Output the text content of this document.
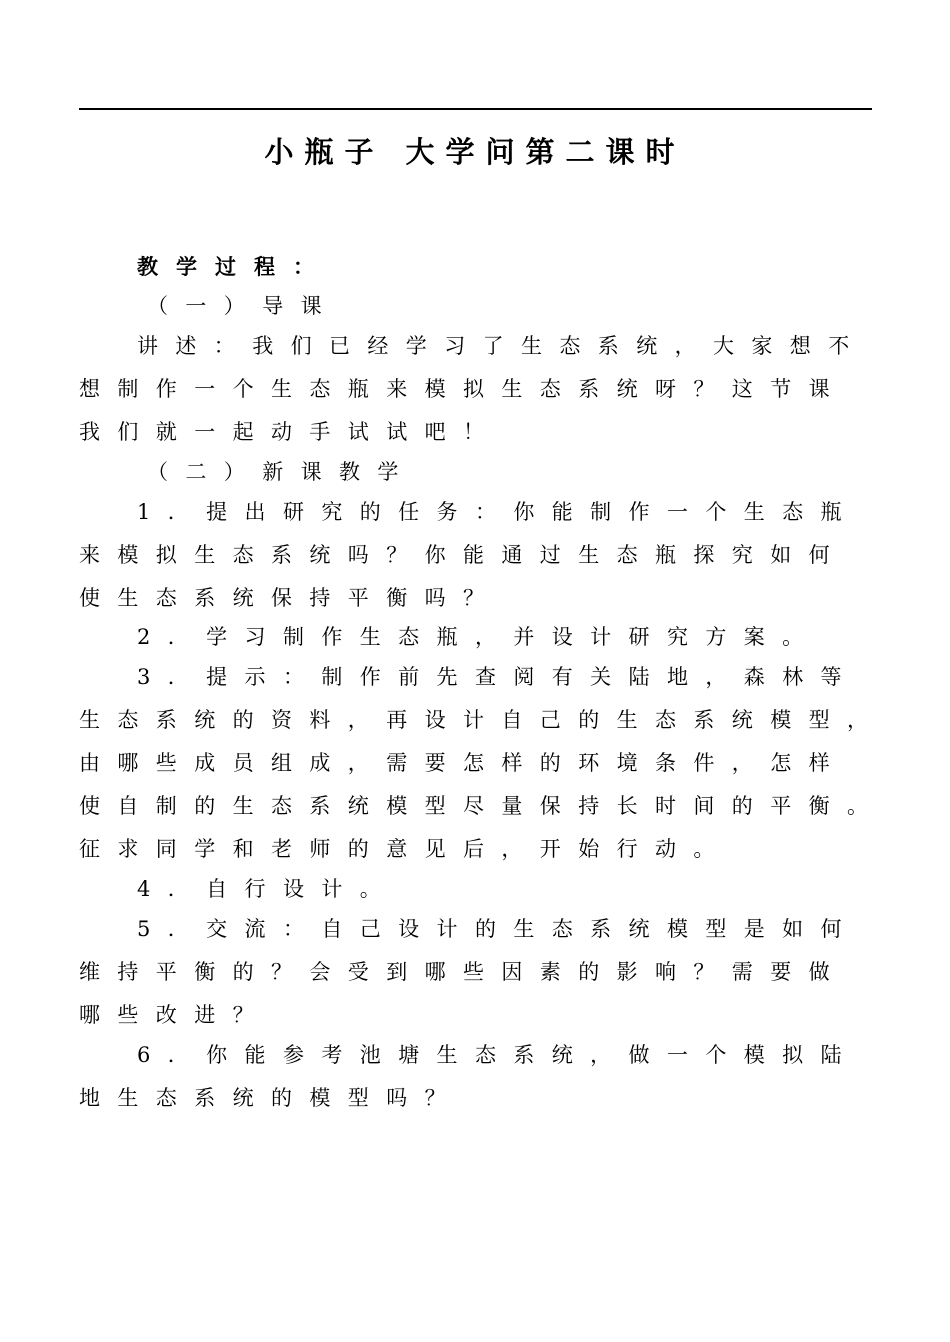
小瓶子 大学问第二课时
教学过程：
（一）导课
讲述：我们已经学习了生态系统，大家想不
想制作一个生态瓶来模拟生态系统呀？这节课
我们就一起动手试试吧！
（二）新课教学
1．提出研究的任务：你能制作一个生态瓶
来模拟生态系统吗？你能通过生态瓶探究如何
使生态系统保持平衡吗？
2．学习制作生态瓶，并设计研究方案。
3．提示：制作前先查阅有关陆地，森林等
生态系统的资料，再设计自己的生态系统模型，
由哪些成员组成，需要怎样的环境条件，怎样
使自制的生态系统模型尽量保持长时间的平衡。
征求同学和老师的意见后，开始行动。
4．自行设计。
5．交流：自己设计的生态系统模型是如何
维持平衡的？会受到哪些因素的影响？需要做
哪些改进？
6．你能参考池塘生态系统，做一个模拟陆
地生态系统的模型吗？
